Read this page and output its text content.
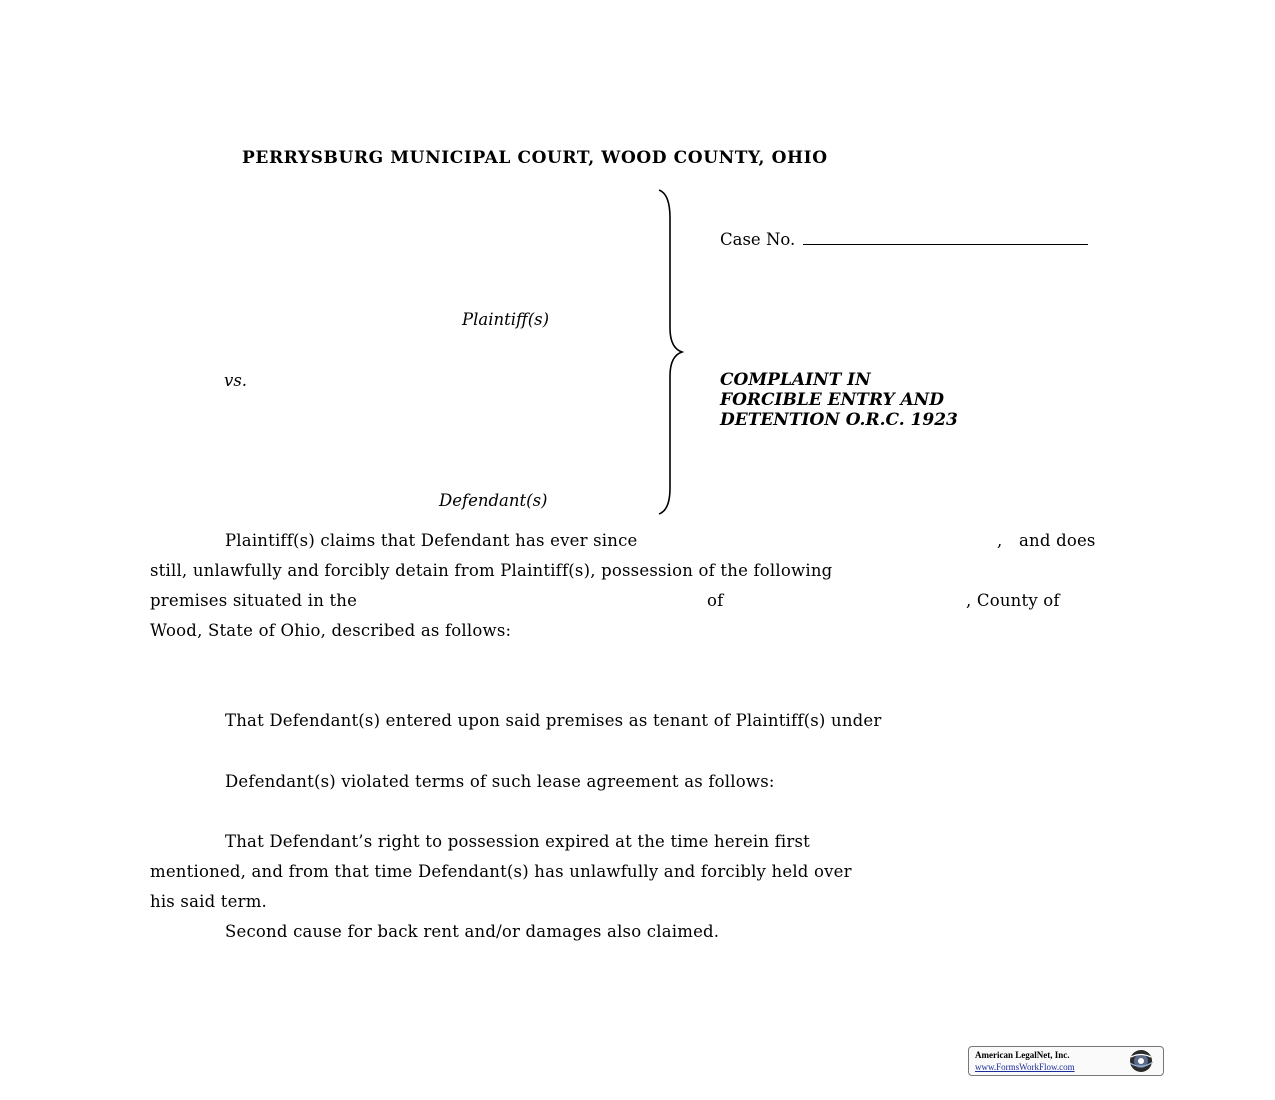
PERRYSBURG MUNICIPAL COURT, WOOD COUNTY, OHIO
Case No.
Plaintiff(s)
vs.
Defendant(s)
COMPLAINT IN
FORCIBLE ENTRY AND
DETENTION O.R.C. 1923
Plaintiff(s) claims that Defendant has ever since	, and does
still, unlawfully and forcibly detain from Plaintiff(s), possession of the following
premises situated in the	of	, County of
Wood, State of Ohio, described as follows:
That Defendant(s) entered upon said premises as tenant of Plaintiff(s) under
Defendant(s) violated terms of such lease agreement as follows:
That Defendant’s right to possession expired at the time herein first
mentioned, and from that time Defendant(s) has unlawfully and forcibly held over
his said term.
Second cause for back rent and/or damages also claimed.
American LegalNet, Inc.
www.FormsWorkFlow.com
